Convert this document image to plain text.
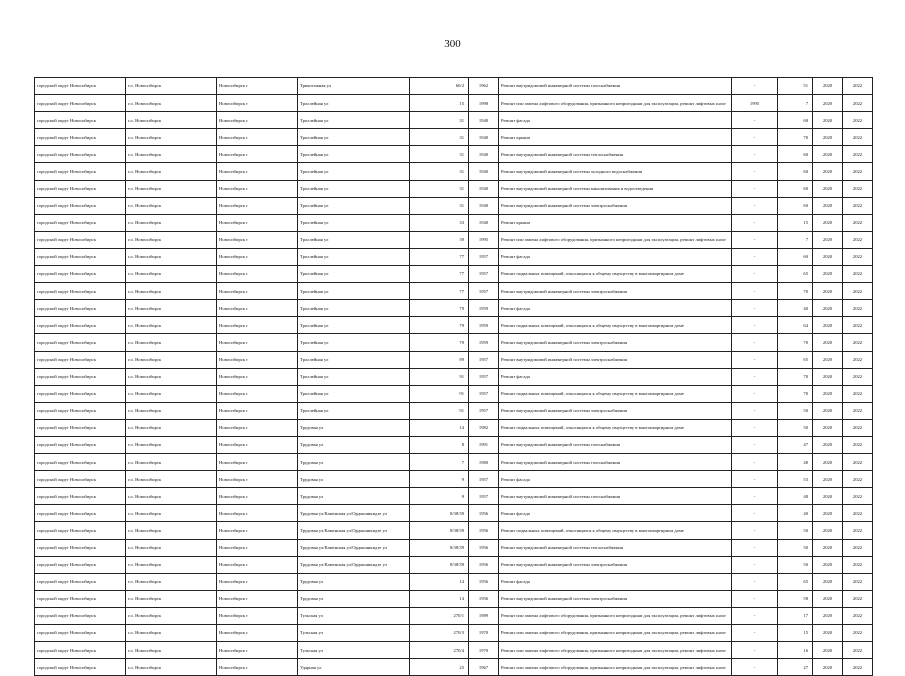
300
городской округ Новосибирск	г.о. Новосибирск	Новосибирск г	Трикотажная ул	60/2	1962	Ремонт внутридомовой инженерной системы газоснабжения	-	51	2020	2022
городской округ Новосибирск	г.о. Новосибирск	Новосибирск г	Троллейная ул	15	1998	Ремонт или замена лифтового оборудования, признанного непригодным для эксплуатации, ремонт лифтовых шахт	1995	7	2020	2022
городской округ Новосибирск	г.о. Новосибирск	Новосибирск г	Троллейная ул	31	1940	Ремонт фасада	-	68	2020	2022
городской округ Новосибирск	г.о. Новосибирск	Новосибирск г	Троллейная ул	31	1940	Ремонт крыши	-	70	2020	2022
городской округ Новосибирск	г.о. Новосибирск	Новосибирск г	Троллейная ул	31	1940	Ремонт внутридомовой инженерной системы теплоснабжения	-	60	2020	2022
городской округ Новосибирск	г.о. Новосибирск	Новосибирск г	Троллейная ул	31	1940	Ремонт внутридомовой инженерной системы холодного водоснабжения	-	60	2020	2022
городской округ Новосибирск	г.о. Новосибирск	Новосибирск г	Троллейная ул	31	1940	Ремонт внутридомовой инженерной системы канализования и водоотведения	-	60	2020	2022
городской округ Новосибирск	г.о. Новосибирск	Новосибирск г	Троллейная ул	31	1940	Ремонт внутридомовой инженерной системы электроснабжения	-	60	2020	2022
городской округ Новосибирск	г.о. Новосибирск	Новосибирск г	Троллейная ул	33	1940	Ремонт крыши	-	15	2020	2022
городской округ Новосибирск	г.о. Новосибирск	Новосибирск г	Троллейная ул	39	1995	Ремонт или замена лифтового оборудования, признанного непригодным для эксплуатации, ремонт лифтовых шахт	-	7	2020	2022
городской округ Новосибирск	г.о. Новосибирск	Новосибирск г	Троллейная ул	77	1957	Ремонт фасада	-	60	2020	2022
городской округ Новосибирск	г.о. Новосибирск	Новосибирск г	Троллейная ул	77	1957	Ремонт подвальных помещений, относящихся к общему имуществу в многоквартирном доме	-	65	2020	2022
городской округ Новосибирск	г.о. Новосибирск	Новосибирск г	Троллейная ул	77	1957	Ремонт внутридомовой инженерной системы электроснабжения	-	70	2020	2022
городской округ Новосибирск	г.о. Новосибирск	Новосибирск г	Троллейная ул	79	1959	Ремонт фасада	-	40	2020	2022
городской округ Новосибирск	г.о. Новосибирск	Новосибирск г	Троллейная ул	79	1959	Ремонт подвальных помещений, относящихся к общему имуществу в многоквартирном доме	-	64	2020	2022
городской округ Новосибирск	г.о. Новосибирск	Новосибирск г	Троллейная ул	79	1959	Ремонт внутридомовой инженерной системы электроснабжения	-	70	2020	2022
городской округ Новосибирск	г.о. Новосибирск	Новосибирск г	Троллейная ул	89	1957	Ремонт внутридомовой инженерной системы электроснабжения	-	65	2020	2022
городской округ Новосибирск	г.о. Новосибирск	Новосибирск г	Троллейная ул	91	1957	Ремонт фасада	-	70	2020	2022
городской округ Новосибирск	г.о. Новосибирск	Новосибирск г	Троллейная ул	91	1957	Ремонт подвальных помещений, относящихся к общему имуществу в многоквартирном доме	-	70	2020	2022
городской округ Новосибирск	г.о. Новосибирск	Новосибирск г	Троллейная ул	91	1957	Ремонт внутридомовой инженерной системы электроснабжения	-	50	2020	2022
городской округ Новосибирск	г.о. Новосибирск	Новосибирск г	Трудовая ул	14	1982	Ремонт подвальных помещений, относящихся к общему имуществу в многоквартирном доме	-	50	2020	2022
городской округ Новосибирск	г.о. Новосибирск	Новосибирск г	Трудовая ул	8	1991	Ремонт внутридомовой инженерной системы газоснабжения	-	47	2020	2022
городской округ Новосибирск	г.о. Новосибирск	Новосибирск г	Трудовая ул	7	1980	Ремонт внутридомовой инженерной системы газоснабжения	-	48	2020	2022
городской округ Новосибирск	г.о. Новосибирск	Новосибирск г	Трудовая ул	9	1957	Ремонт фасада	-	53	2020	2022
городской округ Новосибирск	г.о. Новосибирск	Новосибирск г	Трудовая ул	9	1957	Ремонт внутридомовой инженерной системы газоснабжения	-	48	2020	2022
городской округ Новосибирск	г.о. Новосибирск	Новосибирск г	Трудовая ул/Каменская ул/Орджоникидзе ул	8/38/39	1956	Ремонт фасада	-	40	2020	2022
городской округ Новосибирск	г.о. Новосибирск	Новосибирск г	Трудовая ул/Каменская ул/Орджоникидзе ул	8/38/39	1956	Ремонт подвальных помещений, относящихся к общему имуществу в многоквартирном доме	-	50	2020	2022
городской округ Новосибирск	г.о. Новосибирск	Новосибирск г	Трудовая ул/Каменская ул/Орджоникидзе ул	8/38/39	1956	Ремонт внутридомовой инженерной системы теплоснабжения	-	50	2020	2022
городской округ Новосибирск	г.о. Новосибирск	Новосибирск г	Трудовая ул/Каменская ул/Орджоникидзе ул	8/38/39	1956	Ремонт внутридомовой инженерной системы электроснабжения	-	50	2020	2022
городской округ Новосибирск	г.о. Новосибирск	Новосибирск г	Трудовая ул	14	1956	Ремонт фасада	-	65	2020	2022
городской округ Новосибирск	г.о. Новосибирск	Новосибирск г	Трудовая ул	14	1956	Ремонт внутридомовой инженерной системы электроснабжения	-	58	2020	2022
городской округ Новосибирск	г.о. Новосибирск	Новосибирск г	Тульская ул	270/1	1989	Ремонт или замена лифтового оборудования, признанного непригодным для эксплуатации, ремонт лифтовых шахт	-	17	2020	2022
городской округ Новосибирск	г.о. Новосибирск	Новосибирск г	Тульская ул	270/3	1970	Ремонт или замена лифтового оборудования, признанного непригодным для эксплуатации, ремонт лифтовых шахт	-	15	2020	2022
городской округ Новосибирск	г.о. Новосибирск	Новосибирск г	Тульская ул	270/4	1970	Ремонт или замена лифтового оборудования, признанного непригодным для эксплуатации, ремонт лифтовых шахт	-	16	2020	2022
городской округ Новосибирск	г.о. Новосибирск	Новосибирск г	Ударная ул	25	1967	Ремонт или замена лифтового оборудования, признанного непригодным для эксплуатации, ремонт лифтовых шахт	-	27	2020	2022
